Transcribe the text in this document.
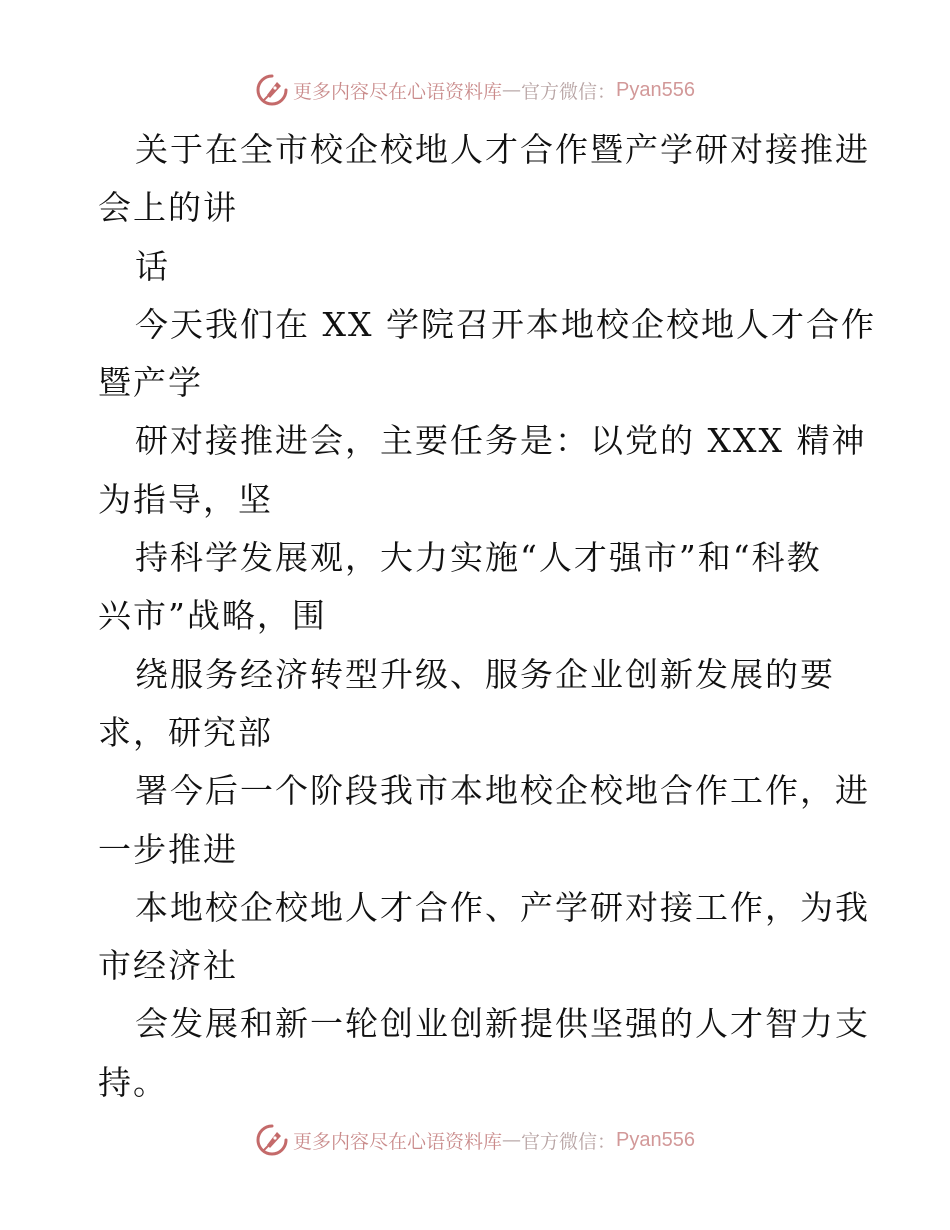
更多内容尽在心语资料库 — 官方微信： Pyan556
关于在全市校企校地人才合作暨产学研对接推进
会上的讲
话
今天我们在 XX 学院召开本地校企校地人才合作
暨产学
研对接推进会，主要任务是：以党的 XXX 精神
为指导，坚
持科学发展观，大力实施“人才强市”和“科教
兴市”战略，围
绕服务经济转型升级、服务企业创新发展的要
求，研究部
署今后一个阶段我市本地校企校地合作工作，进
一步推进
本地校企校地人才合作、产学研对接工作，为我
市经济社
会发展和新一轮创业创新提供坚强的人才智力支
持。
更多内容尽在心语资料库 — 官方微信： Pyan556
